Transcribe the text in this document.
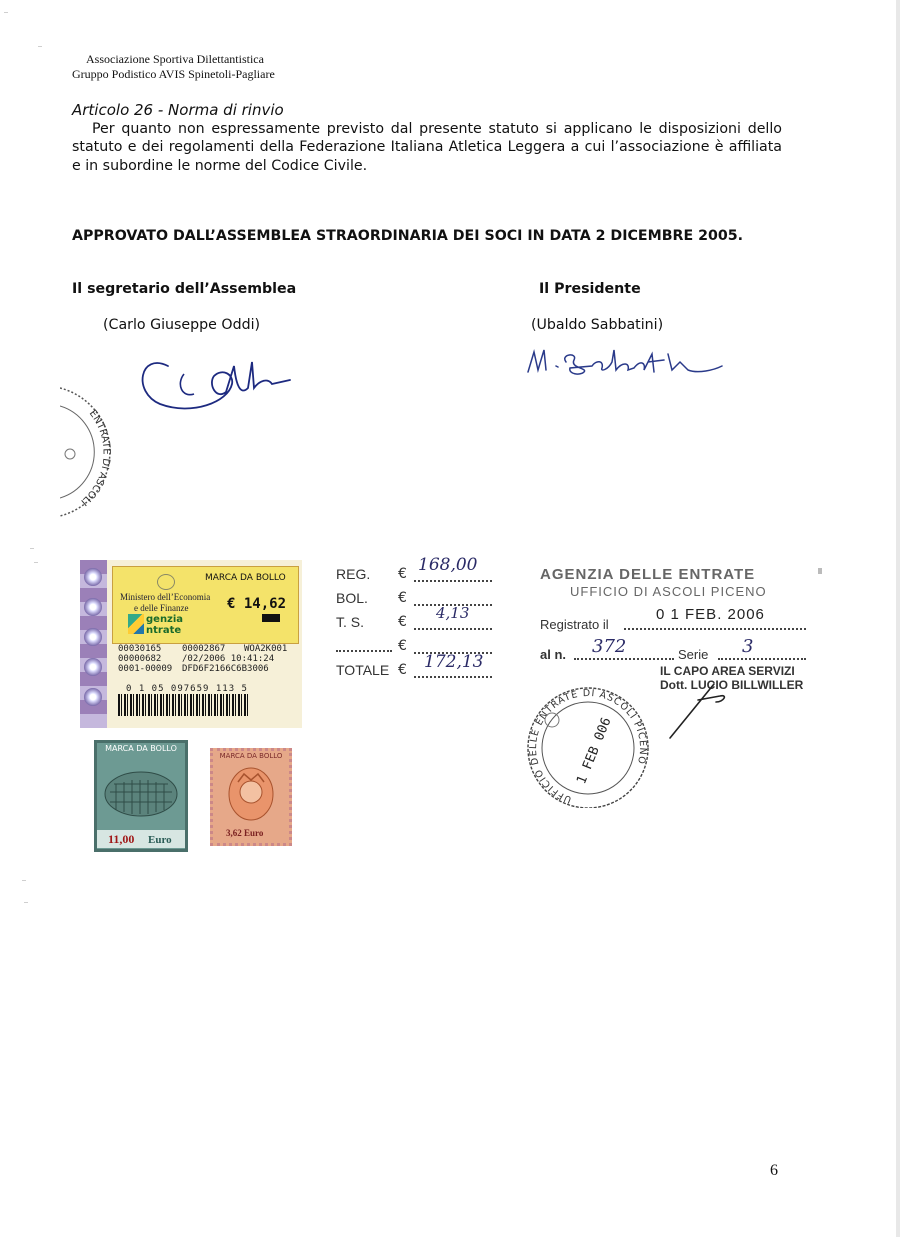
Associazione Sportiva Dilettantistica
Gruppo Podistico AVIS Spinetoli-Pagliare
Articolo 26 - Norma di rinvio
Per quanto non espressamente previsto dal presente statuto si applicano le disposizioni dello statuto e dei regolamenti della Federazione Italiana Atletica Leggera a cui l’associazione è affiliata e in subordine le norme del Codice Civile.
APPROVATO DALL’ASSEMBLEA STRAORDINARIA DEI SOCI IN DATA 2 DICEMBRE 2005.
Il segretario dell’Assemblea
(Carlo Giuseppe Oddi)
Il Presidente
(Ubaldo Sabbatini)
ENTRATE DI ASCOLI
MARCA DA BOLLO
Ministero dell’Economia
e delle Finanze	€ 14,62
genzia
ntrate
00030165
00000682
0001-00009
00002867
/02/2006 10:41:24
DFD6F2166C6B3006
WOA2K001
0 1 05 097659 113 5
MARCA DA BOLLO
11,00 Euro
MARCA DA BOLLO
3,62 Euro
REG.
BOL.
T. S.
TOTALE
€
€
€
€
€
168,00
4,13
172,13
AGENZIA DELLE ENTRATE
UFFICIO DI ASCOLI PICENO
Registrato il
0 1 FEB. 2006
al n. 372	Serie 3
IL CAPO AREA SERVIZI
Dott. LUCIO BILLWILLER
UFFICIO DELLE ENTRATE DI ASCOLI PICENO
1 FEB 006
6
